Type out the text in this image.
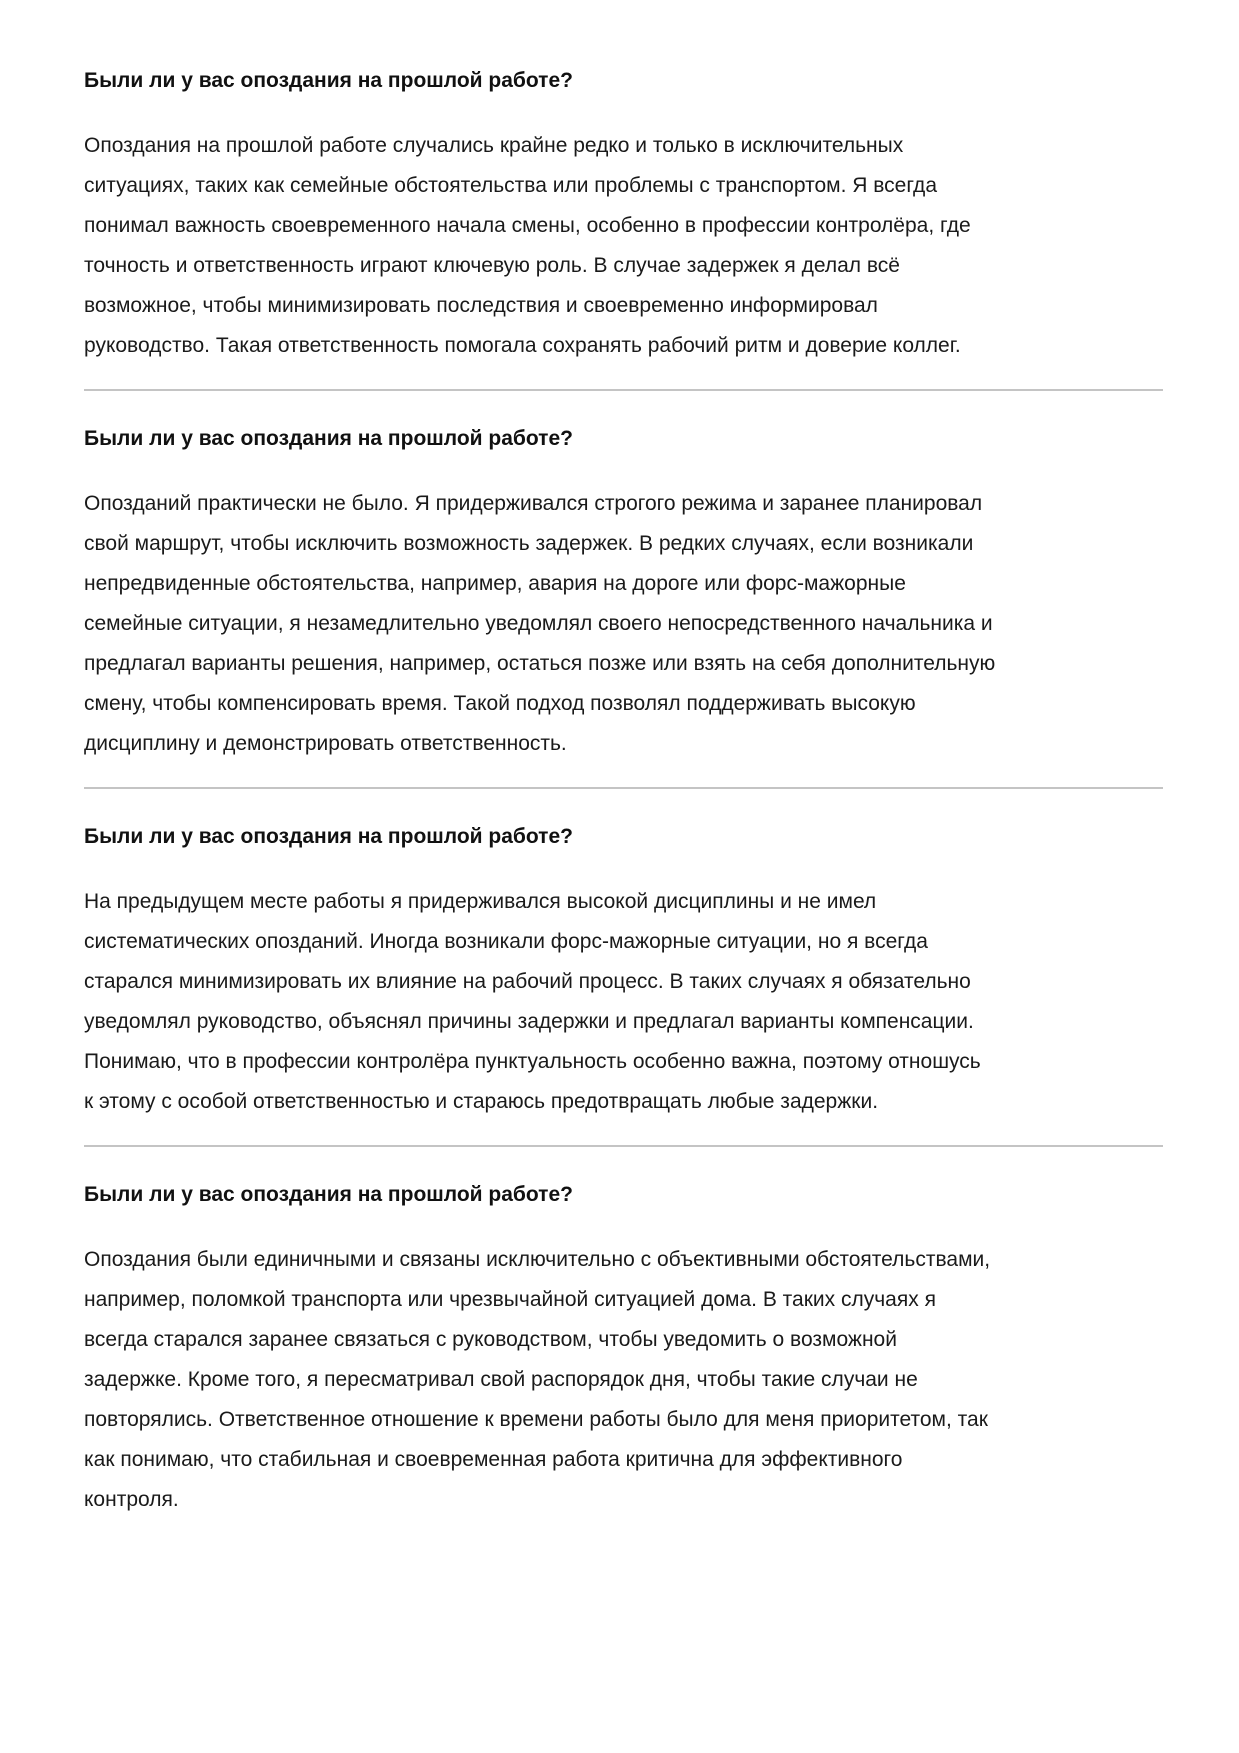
Были ли у вас опоздания на прошлой работе?

Опоздания на прошлой работе случались крайне редко и только в исключительных
ситуациях, таких как семейные обстоятельства или проблемы с транспортом. Я всегда
понимал важность своевременного начала смены, особенно в профессии контролёра, где
точность и ответственность играют ключевую роль. В случае задержек я делал всё
возможное, чтобы минимизировать последствия и своевременно информировал
руководство. Такая ответственность помогала сохранять рабочий ритм и доверие коллег.

Были ли у вас опоздания на прошлой работе?

Опозданий практически не было. Я придерживался строгого режима и заранее планировал
свой маршрут, чтобы исключить возможность задержек. В редких случаях, если возникали
непредвиденные обстоятельства, например, авария на дороге или форс-мажорные
семейные ситуации, я незамедлительно уведомлял своего непосредственного начальника и
предлагал варианты решения, например, остаться позже или взять на себя дополнительную
смену, чтобы компенсировать время. Такой подход позволял поддерживать высокую
дисциплину и демонстрировать ответственность.

Были ли у вас опоздания на прошлой работе?

На предыдущем месте работы я придерживался высокой дисциплины и не имел
систематических опозданий. Иногда возникали форс-мажорные ситуации, но я всегда
старался минимизировать их влияние на рабочий процесс. В таких случаях я обязательно
уведомлял руководство, объяснял причины задержки и предлагал варианты компенсации.
Понимаю, что в профессии контролёра пунктуальность особенно важна, поэтому отношусь
к этому с особой ответственностью и стараюсь предотвращать любые задержки.

Были ли у вас опоздания на прошлой работе?

Опоздания были единичными и связаны исключительно с объективными обстоятельствами,
например, поломкой транспорта или чрезвычайной ситуацией дома. В таких случаях я
всегда старался заранее связаться с руководством, чтобы уведомить о возможной
задержке. Кроме того, я пересматривал свой распорядок дня, чтобы такие случаи не
повторялись. Ответственное отношение к времени работы было для меня приоритетом, так
как понимаю, что стабильная и своевременная работа критична для эффективного
контроля.
